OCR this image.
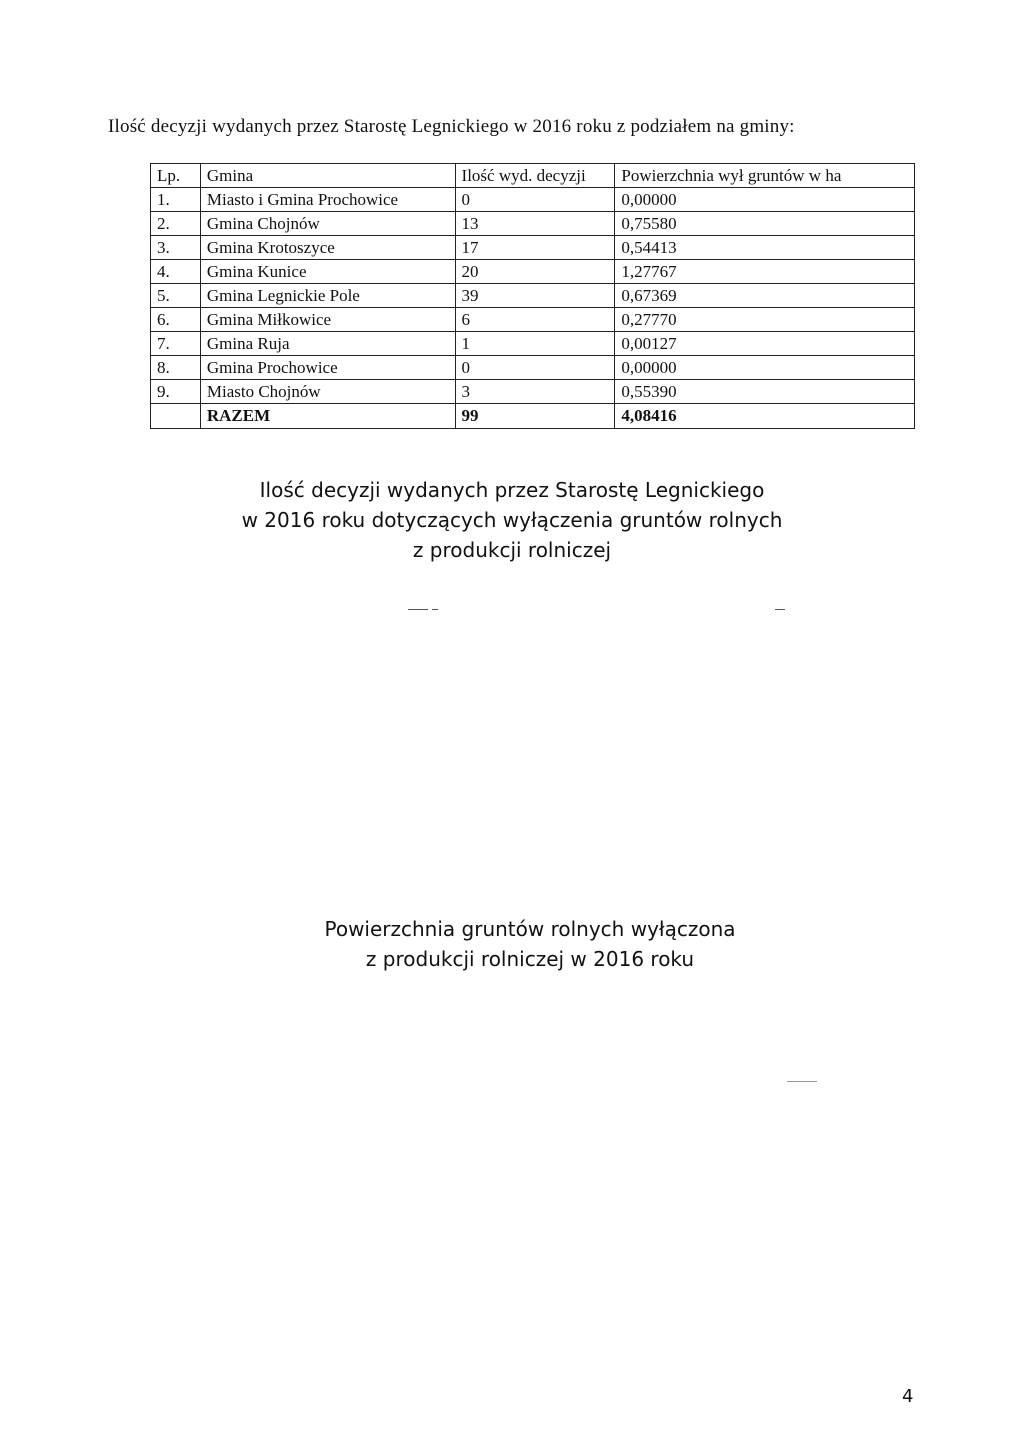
Ilość decyzji wydanych przez Starostę Legnickiego w 2016 roku z podziałem na gminy:
Lp.	Gmina	Ilość wyd. decyzji	Powierzchnia wył gruntów w ha
1.	Miasto i Gmina Prochowice	0	0,00000
2.	Gmina Chojnów	13	0,75580
3.	Gmina Krotoszyce	17	0,54413
4.	Gmina Kunice	20	1,27767
5.	Gmina Legnickie Pole	39	0,67369
6.	Gmina Miłkowice	6	0,27770
7.	Gmina Ruja	1	0,00127
8.	Gmina Prochowice	0	0,00000
9.	Miasto Chojnów	3	0,55390
	RAZEM	99	4,08416
Ilość decyzji wydanych przez Starostę Legnickiego
w 2016 roku dotyczących wyłączenia gruntów rolnych
z produkcji rolniczej
Powierzchnia gruntów rolnych wyłączona
z produkcji rolniczej w 2016 roku
4
